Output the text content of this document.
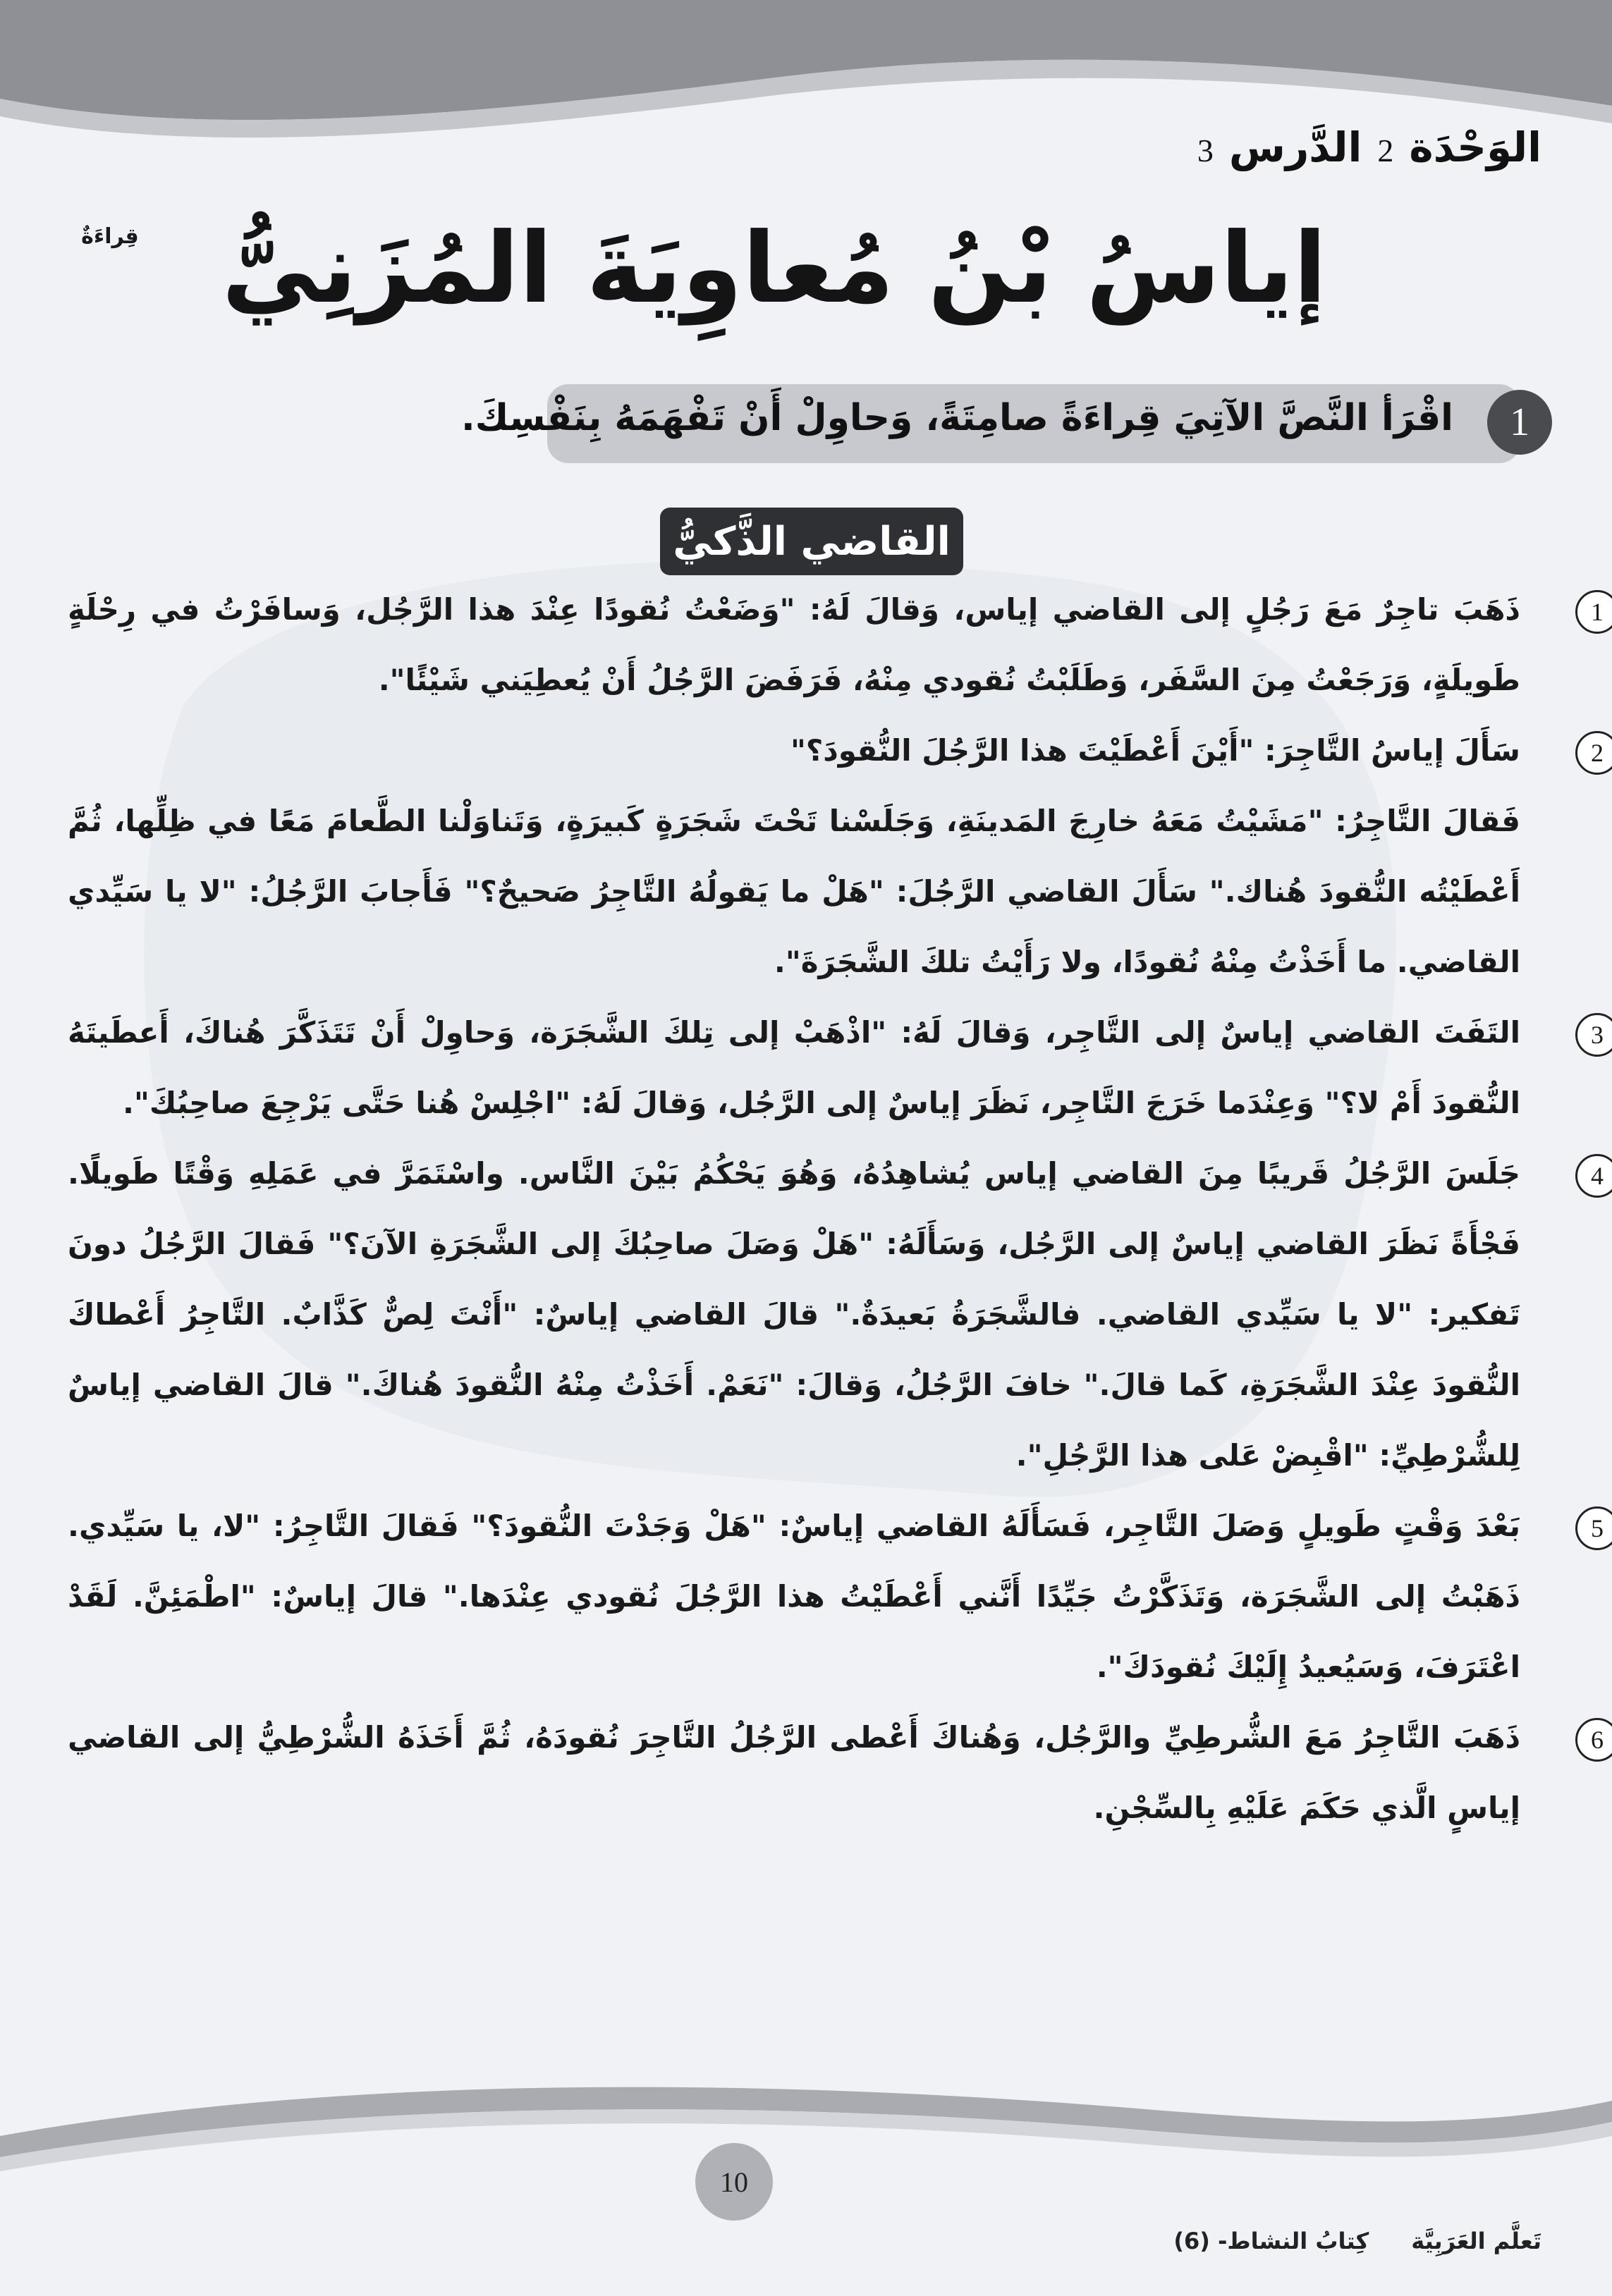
الوَحْدَة
2
الدَّرس
3
قِراءَةٌ إياسُ بْنُ مُعاوِيَةَ المُزَنِيُّ
1
اقْرَأ النَّصَّ الآتِيَ قِراءَةً صامِتَةً، وَحاوِلْ أَنْ تَفْهَمَهُ بِنَفْسِكَ.
القاضي الذَّكيُّ
1

ذَهَبَ تاجِرٌ مَعَ رَجُلٍ إلى القاضي إياس، وَقالَ لَهُ: "وَضَعْتُ نُقودًا عِنْدَ هذا الرَّجُل، وَسافَرْتُ في رِحْلَةٍ طَويلَةٍ، وَرَجَعْتُ مِنَ السَّفَر، وَطَلَبْتُ نُقودي مِنْهُ، فَرَفَضَ الرَّجُلُ أَنْ يُعطِيَني شَيْئًا".

2

سَأَلَ إياسُ التَّاجِرَ: "أَيْنَ أَعْطَيْتَ هذا الرَّجُلَ النُّقودَ؟"

فَقالَ التَّاجِرُ: "مَشَيْتُ مَعَهُ خارِجَ المَدينَةِ، وَجَلَسْنا تَحْتَ شَجَرَةٍ كَبيرَةٍ، وَتَناوَلْنا الطَّعامَ مَعًا في ظِلِّها، ثُمَّ أَعْطَيْتُه النُّقودَ هُناك." سَأَلَ القاضي الرَّجُلَ: "هَلْ ما يَقولُهُ التَّاجِرُ صَحيحٌ؟" فَأَجابَ الرَّجُلُ: "لا يا سَيِّدي القاضي. ما أَخَذْتُ مِنْهُ نُقودًا، ولا رَأَيْتُ تلكَ الشَّجَرَةَ".

3

التَفَتَ القاضي إياسٌ إلى التَّاجِر، وَقالَ لَهُ: "اذْهَبْ إلى تِلكَ الشَّجَرَة، وَحاوِلْ أَنْ تَتَذَكَّرَ هُناكَ، أَعطَيتَهُ النُّقودَ أَمْ لا؟" وَعِنْدَما خَرَجَ التَّاجِر، نَظَرَ إياسٌ إلى الرَّجُل، وَقالَ لَهُ: "اجْلِسْ هُنا حَتَّى يَرْجِعَ صاحِبُكَ".

4

جَلَسَ الرَّجُلُ قَريبًا مِنَ القاضي إياس يُشاهِدُهُ، وَهُوَ يَحْكُمُ بَيْنَ النَّاس. واسْتَمَرَّ في عَمَلِهِ وَقْتًا طَويلًا. فَجْأَةً نَظَرَ القاضي إياسٌ إلى الرَّجُل، وَسَأَلَهُ: "هَلْ وَصَلَ صاحِبُكَ إلى الشَّجَرَةِ الآنَ؟" فَقالَ الرَّجُلُ دونَ تَفكير: "لا يا سَيِّدي القاضي. فالشَّجَرَةُ بَعيدَةٌ." قالَ القاضي إياسٌ: "أَنْتَ لِصٌّ كَذَّابٌ. التَّاجِرُ أَعْطاكَ النُّقودَ عِنْدَ الشَّجَرَةِ، كَما قالَ." خافَ الرَّجُلُ، وَقالَ: "نَعَمْ. أَخَذْتُ مِنْهُ النُّقودَ هُناكَ." قالَ القاضي إياسٌ لِلشُّرْطِيِّ: "اقْبِضْ عَلى هذا الرَّجُلِ".

5

بَعْدَ وَقْتٍ طَويلٍ وَصَلَ التَّاجِر، فَسَأَلَهُ القاضي إياسٌ: "هَلْ وَجَدْتَ النُّقودَ؟" فَقالَ التَّاجِرُ: "لا، يا سَيِّدي. ذَهَبْتُ إلى الشَّجَرَة، وَتَذَكَّرْتُ جَيِّدًا أَنَّني أَعْطَيْتُ هذا الرَّجُلَ نُقودي عِنْدَها." قالَ إياسٌ: "اطْمَئِنَّ. لَقَدْ اعْتَرَفَ، وَسَيُعيدُ إِلَيْكَ نُقودَكَ".

6

ذَهَبَ التَّاجِرُ مَعَ الشُّرطِيِّ والرَّجُل، وَهُناكَ أَعْطى الرَّجُلُ التَّاجِرَ نُقودَهُ، ثُمَّ أَخَذَهُ الشُّرْطِيُّ إلى القاضي إياسٍ الَّذي حَكَمَ عَلَيْهِ بِالسِّجْنِ.

10
تَعلَّم العَرَبِيَّة
كِتابُ النشاط- (6)
